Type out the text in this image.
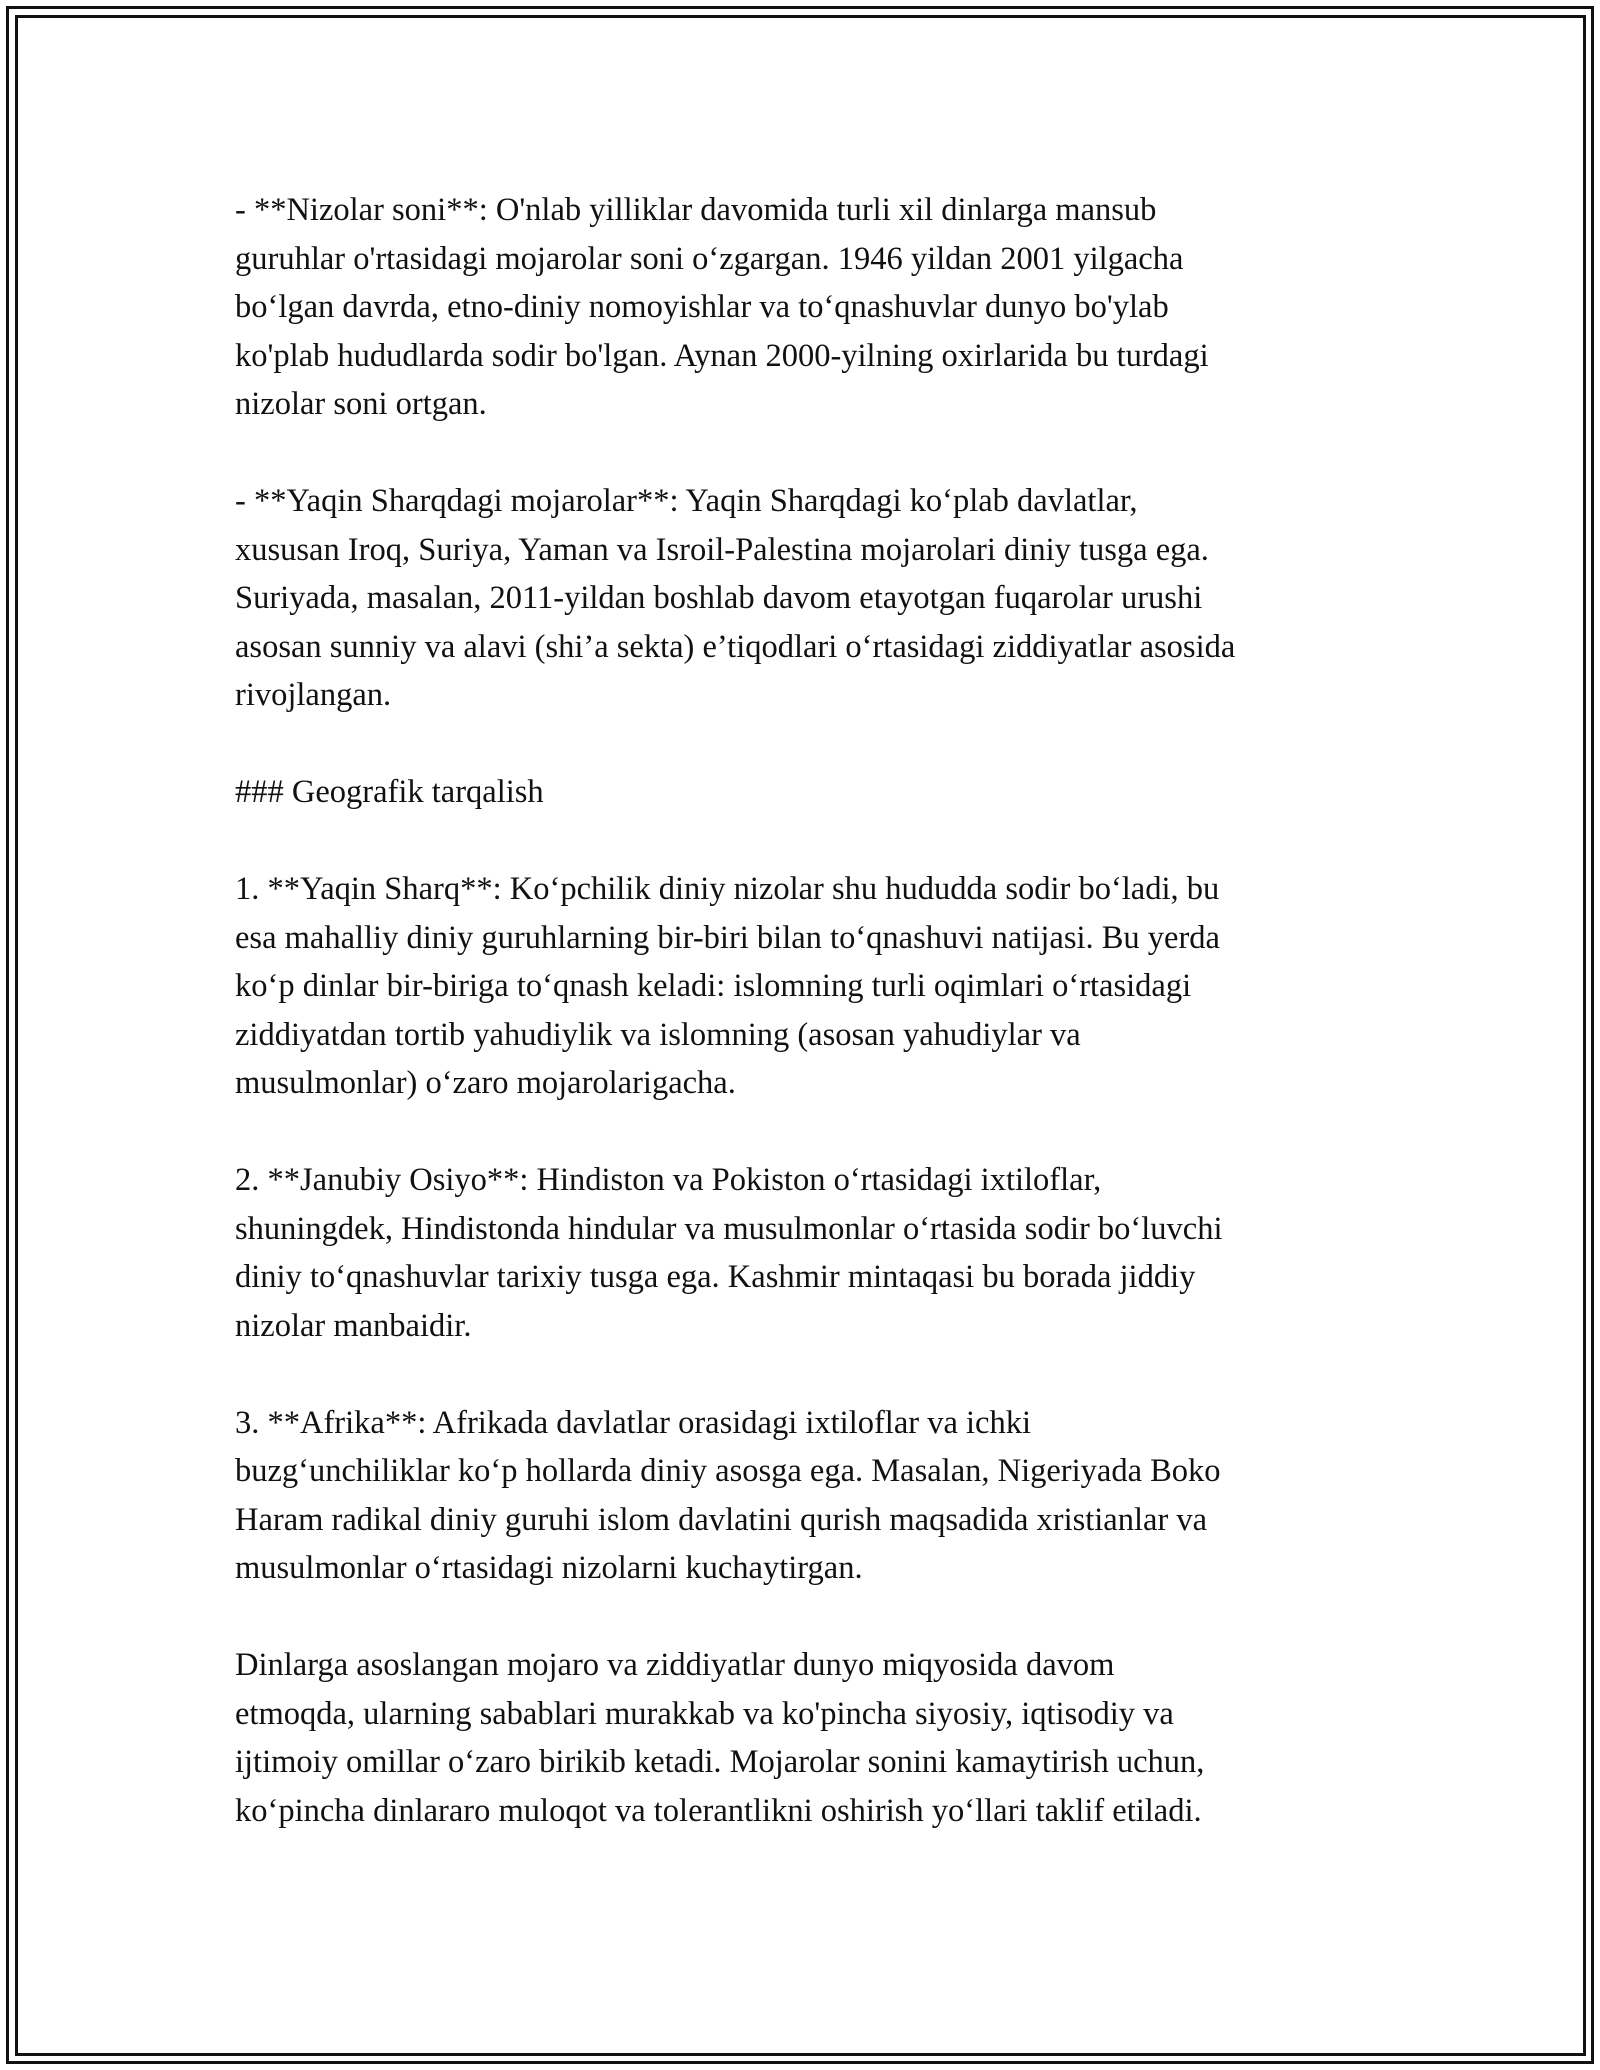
- **Nizolar soni**: O'nlab yilliklar davomida turli xil dinlarga mansub
guruhlar o'rtasidagi mojarolar soni o‘zgargan. 1946 yildan 2001 yilgacha
bo‘lgan davrda, etno-diniy nomoyishlar va to‘qnashuvlar dunyo bo'ylab
ko'plab hududlarda sodir bo'lgan. Aynan 2000-yilning oxirlarida bu turdagi
nizolar soni ortgan.

- **Yaqin Sharqdagi mojarolar**: Yaqin Sharqdagi ko‘plab davlatlar,
xususan Iroq, Suriya, Yaman va Isroil-Palestina mojarolari diniy tusga ega.
Suriyada, masalan, 2011-yildan boshlab davom etayotgan fuqarolar urushi
asosan sunniy va alavi (shi’a sekta) e’tiqodlari o‘rtasidagi ziddiyatlar asosida
rivojlangan.

### Geografik tarqalish

1. **Yaqin Sharq**: Ko‘pchilik diniy nizolar shu hududda sodir bo‘ladi, bu
esa mahalliy diniy guruhlarning bir-biri bilan to‘qnashuvi natijasi. Bu yerda
ko‘p dinlar bir-biriga to‘qnash keladi: islomning turli oqimlari o‘rtasidagi
ziddiyatdan tortib yahudiylik va islomning (asosan yahudiylar va
musulmonlar) o‘zaro mojarolarigacha.

2. **Janubiy Osiyo**: Hindiston va Pokiston o‘rtasidagi ixtiloflar,
shuningdek, Hindistonda hindular va musulmonlar o‘rtasida sodir bo‘luvchi
diniy to‘qnashuvlar tarixiy tusga ega. Kashmir mintaqasi bu borada jiddiy
nizolar manbaidir.

3. **Afrika**: Afrikada davlatlar orasidagi ixtiloflar va ichki
buzg‘unchiliklar ko‘p hollarda diniy asosga ega. Masalan, Nigeriyada Boko
Haram radikal diniy guruhi islom davlatini qurish maqsadida xristianlar va
musulmonlar o‘rtasidagi nizolarni kuchaytirgan.

Dinlarga asoslangan mojaro va ziddiyatlar dunyo miqyosida davom
etmoqda, ularning sabablari murakkab va ko'pincha siyosiy, iqtisodiy va
ijtimoiy omillar o‘zaro birikib ketadi. Mojarolar sonini kamaytirish uchun,
ko‘pincha dinlararo muloqot va tolerantlikni oshirish yo‘llari taklif etiladi.
